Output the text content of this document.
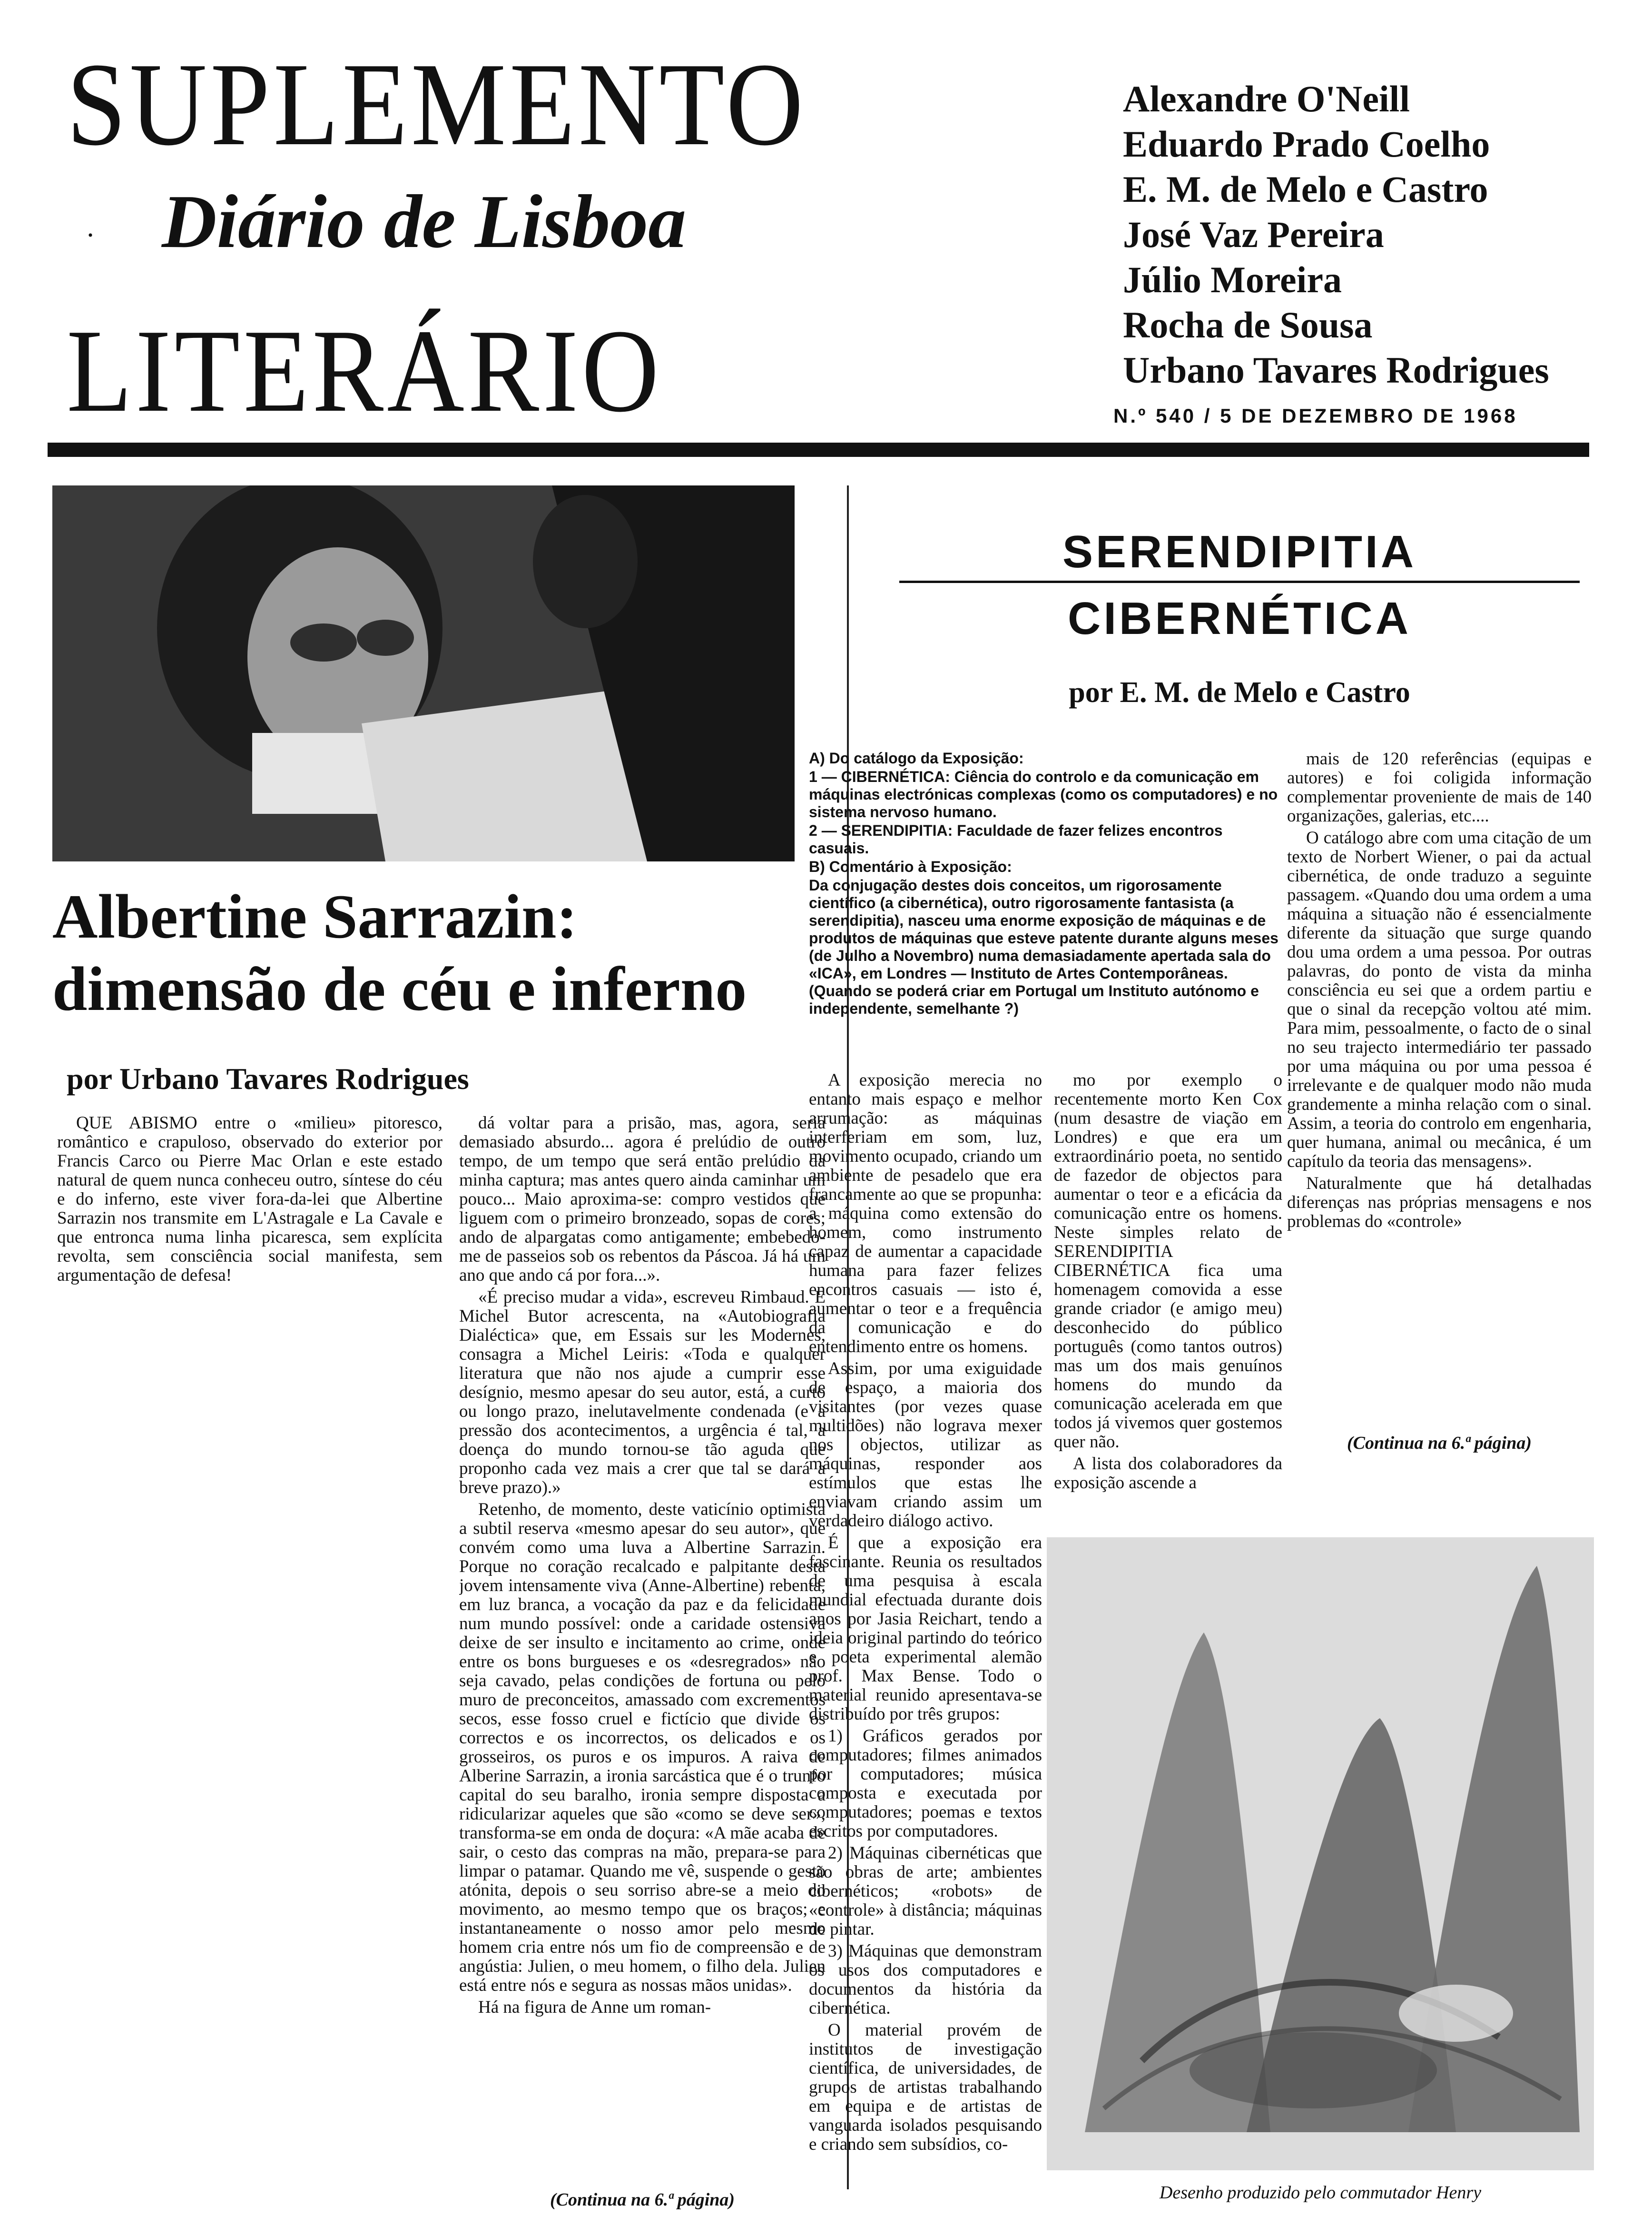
SUPLEMENTO
· Diário de Lisboa
LITERÁRIO
Alexandre O'Neill
Eduardo Prado Coelho
E. M. de Melo e Castro
José Vaz Pereira
Júlio Moreira
Rocha de Sousa
Urbano Tavares Rodrigues
N.º 540 / 5 DE DEZEMBRO DE 1968
Albertine Sarrazin: dimensão de céu e inferno
por Urbano Tavares Rodrigues

QUE ABISMO entre o «milieu» pitoresco, romântico e crapuloso, observado do exterior por Francis Carco ou Pierre Mac Orlan e este estado natural de quem nunca conheceu outro, síntese do céu e do inferno, este viver fora-da-lei que Albertine Sarrazin nos transmite em L'Astragale e La Cavale e que entronca numa linha picaresca, sem explícita revolta, sem consciência social manifesta, sem argumentação de defesa!

dá voltar para a prisão, mas, agora, seria demasiado absurdo... agora é prelúdio de outro tempo, de um tempo que será então prelúdio da minha captura; mas antes quero ainda caminhar um pouco... Maio aproxima-se: compro vestidos que liguem com o primeiro bronzeado, sopas de cores; ando de alpargatas como antigamente; embebedo-me de passeios sob os rebentos da Páscoa. Já há um ano que ando cá por fora...».

«É preciso mudar a vida», escreveu Rimbaud. E Michel Butor acrescenta, na «Autobiografia Dialéctica» que, em Essais sur les Modernes, consagra a Michel Leiris: «Toda e qualquer literatura que não nos ajude a cumprir esse desígnio, mesmo apesar do seu autor, está, a curto ou longo prazo, inelutavelmente condenada (e a pressão dos acontecimentos, a urgência é tal, a doença do mundo tornou-se tão aguda que proponho cada vez mais a crer que tal se dará a breve prazo).»

Retenho, de momento, deste vaticínio optimista a subtil reserva «mesmo apesar do seu autor», que convém como uma luva a Albertine Sarrazin. Porque no coração recalcado e palpitante desta jovem intensamente viva (Anne-Albertine) rebenta, em luz branca, a vocação da paz e da felicidade num mundo possível: onde a caridade ostensiva deixe de ser insulto e incitamento ao crime, onde entre os bons burgueses e os «desregrados» não seja cavado, pelas condições de fortuna ou pelo muro de preconceitos, amassado com excrementos secos, esse fosso cruel e fictício que divide os correctos e os incorrectos, os delicados e os grosseiros, os puros e os impuros. A raiva de Alberine Sarrazin, a ironia sarcástica que é o trunfo capital do seu baralho, ironia sempre disposta a ridicularizar aqueles que são «como se deve ser», transforma-se em onda de doçura: «A mãe acaba de sair, o cesto das compras na mão, prepara-se para limpar o patamar. Quando me vê, suspende o gesto atónita, depois o seu sorriso abre-se a meio do movimento, ao mesmo tempo que os braços; e instantaneamente o nosso amor pelo mesmo homem cria entre nós um fio de compreensão e de angústia: Julien, o meu homem, o filho dela. Julien está entre nós e segura as nossas mãos unidas».

Há na figura de Anne um roman-

(Continua na 6.ª página)
SERENDIPITIA
CIBERNÉTICA
por E. M. de Melo e Castro

A) Do catálogo da Exposição:

1 — CIBERNÉTICA: Ciência do controlo e da comunicação em máquinas electrónicas complexas (como os computadores) e no sistema nervoso humano.

2 — SERENDIPITIA: Faculdade de fazer felizes encontros casuais.

B) Comentário à Exposição:

Da conjugação destes dois conceitos, um rigorosamente científico (a cibernética), outro rigorosamente fantasista (a serendipitia), nasceu uma enorme exposição de máquinas e de produtos de máquinas que esteve patente durante alguns meses (de Julho a Novembro) numa demasiadamente apertada sala do «ICA», em Londres — Instituto de Artes Contemporâneas. (Quando se poderá criar em Portugal um Instituto autónomo e independente, semelhante ?)

A exposição merecia no entanto mais espaço e melhor arrumação: as máquinas interferiam em som, luz, movimento ocupado, criando um ambiente de pesadelo que era francamente ao que se propunha: a máquina como extensão do homem, como instrumento capaz de aumentar a capacidade humana para fazer felizes encontros casuais — isto é, aumentar o teor e a frequência da comunicação e do entendimento entre os homens.

Assim, por uma exiguidade de espaço, a maioria dos visitantes (por vezes quase multidões) não lograva mexer nos objectos, utilizar as máquinas, responder aos estímulos que estas lhe enviavam criando assim um verdadeiro diálogo activo.

É que a exposição era fascinante. Reunia os resultados de uma pesquisa à escala mundial efectuada durante dois anos por Jasia Reichart, tendo a ideia original partindo do teórico e poeta experimental alemão prof. Max Bense. Todo o material reunido apresentava-se distribuído por três grupos:

1) Gráficos gerados por computadores; filmes animados por computadores; música composta e executada por computadores; poemas e textos escritos por computadores.

2) Máquinas cibernéticas que são obras de arte; ambientes cibernéticos; «robots» de «controle» à distância; máquinas de pintar.

3) Máquinas que demonstram os usos dos computadores e documentos da história da cibernética.

O material provém de institutos de investigação científica, de universidades, de grupos de artistas trabalhando em equipa e de artistas de vanguarda isolados pesquisando e criando sem subsídios, co-

mo por exemplo o recentemente morto Ken Cox (num desastre de viação em Londres) e que era um extraordinário poeta, no sentido de fazedor de objectos para aumentar o teor e a eficácia da comunicação entre os homens. Neste simples relato de SERENDIPITIA CIBERNÉTICA fica uma homenagem comovida a esse grande criador (e amigo meu) desconhecido do público português (como tantos outros) mas um dos mais genuínos homens do mundo da comunicação acelerada em que todos já vivemos quer gostemos quer não.

A lista dos colaboradores da exposição ascende a

mais de 120 referências (equipas e autores) e foi coligida informação complementar proveniente de mais de 140 organizações, galerias, etc....

O catálogo abre com uma citação de um texto de Norbert Wiener, o pai da actual cibernética, de onde traduzo a seguinte passagem. «Quando dou uma ordem a uma máquina a situação não é essencialmente diferente da situação que surge quando dou uma ordem a uma pessoa. Por outras palavras, do ponto de vista da minha consciência eu sei que a ordem partiu e que o sinal da recepção voltou até mim. Para mim, pessoalmente, o facto de o sinal no seu trajecto intermediário ter passado por uma máquina ou por uma pessoa é irrelevante e de qualquer modo não muda grandemente a minha relação com o sinal. Assim, a teoria do controlo em engenharia, quer humana, animal ou mecânica, é um capítulo da teoria das mensagens».

Naturalmente que há detalhadas diferenças nas próprias mensagens e nos problemas do «controle»

(Continua na 6.ª página)
Desenho produzido pelo commutador Henry
